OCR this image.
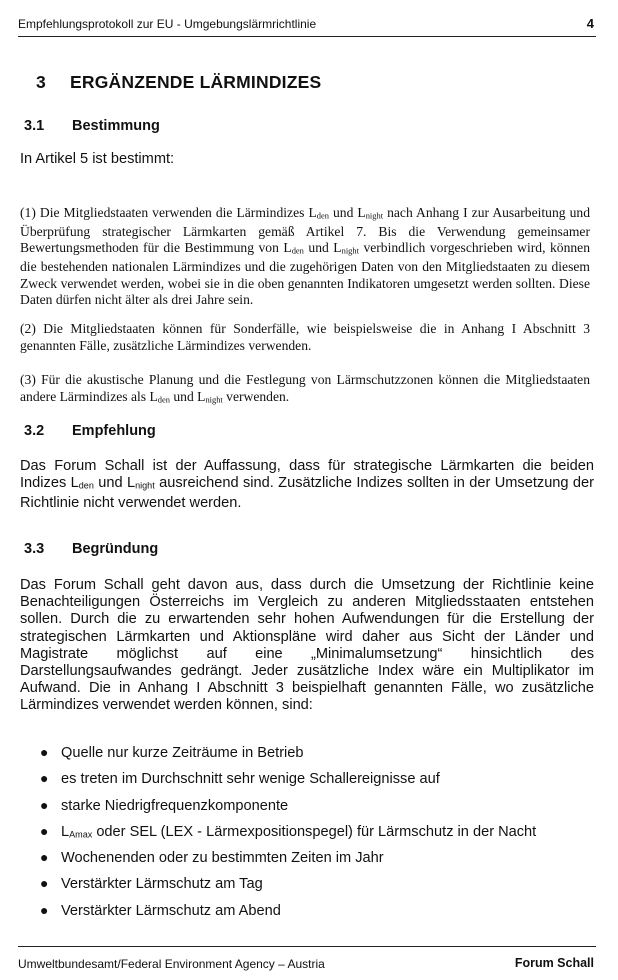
Empfehlungsprotokoll zur EU - Umgebungslärmrichtlinie	4
3 ERGÄNZENDE LÄRMINDIZES
3.1 Bestimmung
In Artikel 5 ist bestimmt:
(1) Die Mitgliedstaaten verwenden die Lärmindizes Lden und Lnight nach Anhang I zur Ausarbeitung und Überprüfung strategischer Lärmkarten gemäß Artikel 7. Bis die Verwendung gemeinsamer Bewertungsmethoden für die Bestimmung von Lden und Lnight verbindlich vorgeschrieben wird, können die bestehenden nationalen Lärmindizes und die zugehörigen Daten von den Mitgliedstaaten zu diesem Zweck verwendet werden, wobei sie in die oben genannten Indikatoren umgesetzt werden sollten. Diese Daten dürfen nicht älter als drei Jahre sein.
(2) Die Mitgliedstaaten können für Sonderfälle, wie beispielsweise die in Anhang I Abschnitt 3 genannten Fälle, zusätzliche Lärmindizes verwenden.
(3) Für die akustische Planung und die Festlegung von Lärmschutzzonen können die Mitgliedstaaten andere Lärmindizes als Lden und Lnight verwenden.
3.2 Empfehlung
Das Forum Schall ist der Auffassung, dass für strategische Lärmkarten die beiden Indizes Lden und Lnight ausreichend sind. Zusätzliche Indizes sollten in der Umsetzung der Richtlinie nicht verwendet werden.
3.3 Begründung
Das Forum Schall geht davon aus, dass durch die Umsetzung der Richtlinie keine Benachteiligungen Österreichs im Vergleich zu anderen Mitgliedsstaaten entstehen sollen. Durch die zu erwartenden sehr hohen Aufwendungen für die Erstellung der strategischen Lärmkarten und Aktionspläne wird daher aus Sicht der Länder und Magistrate möglichst auf eine „Minimalumsetzung“ hinsichtlich des Darstellungsaufwandes gedrängt. Jeder zusätzliche Index wäre ein Multiplikator im Aufwand. Die in Anhang I Abschnitt 3 beispielhaft genannten Fälle, wo zusätzliche Lärmindizes verwendet werden können, sind:
● Quelle nur kurze Zeiträume in Betrieb
● es treten im Durchschnitt sehr wenige Schallereignisse auf
● starke Niedrigfrequenzkomponente
● LAmax oder SEL (LEX - Lärmexpositionspegel) für Lärmschutz in der Nacht
● Wochenenden oder zu bestimmten Zeiten im Jahr
● Verstärkter Lärmschutz am Tag
● Verstärkter Lärmschutz am Abend
Umweltbundesamt/Federal Environment Agency – Austria	Forum Schall
